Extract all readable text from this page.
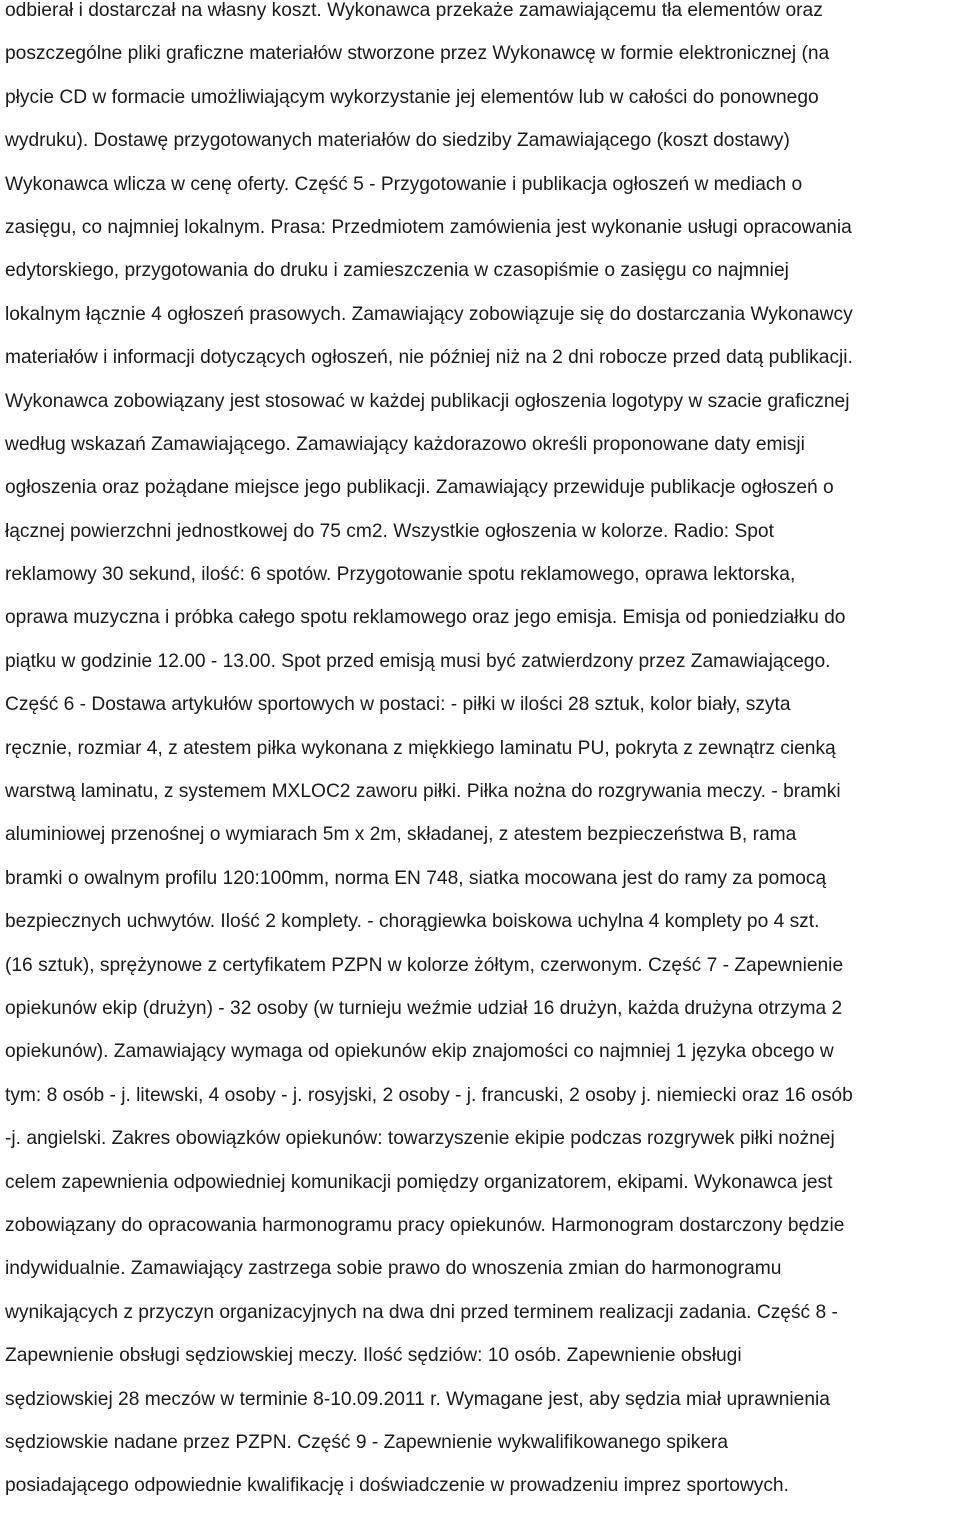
odbierał i dostarczał na własny koszt. Wykonawca przekaże zamawiającemu tła elementów oraz
poszczególne pliki graficzne materiałów stworzone przez Wykonawcę w formie elektronicznej (na
płycie CD w formacie umożliwiającym wykorzystanie jej elementów lub w całości do ponownego
wydruku). Dostawę przygotowanych materiałów do siedziby Zamawiającego (koszt dostawy)
Wykonawca wlicza w cenę oferty. Część 5 - Przygotowanie i publikacja ogłoszeń w mediach o
zasięgu, co najmniej lokalnym. Prasa: Przedmiotem zamówienia jest wykonanie usługi opracowania
edytorskiego, przygotowania do druku i zamieszczenia w czasopiśmie o zasięgu co najmniej
lokalnym łącznie 4 ogłoszeń prasowych. Zamawiający zobowiązuje się do dostarczania Wykonawcy
materiałów i informacji dotyczących ogłoszeń, nie później niż na 2 dni robocze przed datą publikacji.
Wykonawca zobowiązany jest stosować w każdej publikacji ogłoszenia logotypy w szacie graficznej
według wskazań Zamawiającego. Zamawiający każdorazowo określi proponowane daty emisji
ogłoszenia oraz pożądane miejsce jego publikacji. Zamawiający przewiduje publikacje ogłoszeń o
łącznej powierzchni jednostkowej do 75 cm2. Wszystkie ogłoszenia w kolorze. Radio: Spot
reklamowy 30 sekund, ilość: 6 spotów. Przygotowanie spotu reklamowego, oprawa lektorska,
oprawa muzyczna i próbka całego spotu reklamowego oraz jego emisja. Emisja od poniedziałku do
piątku w godzinie 12.00 - 13.00. Spot przed emisją musi być zatwierdzony przez Zamawiającego.
Część 6 - Dostawa artykułów sportowych w postaci: - piłki w ilości 28 sztuk, kolor biały, szyta
ręcznie, rozmiar 4, z atestem piłka wykonana z miękkiego laminatu PU, pokryta z zewnątrz cienką
warstwą laminatu, z systemem MXLOC2 zaworu piłki. Piłka nożna do rozgrywania meczy. - bramki
aluminiowej przenośnej o wymiarach 5m x 2m, składanej, z atestem bezpieczeństwa B, rama
bramki o owalnym profilu 120:100mm, norma EN 748, siatka mocowana jest do ramy za pomocą
bezpiecznych uchwytów. Ilość 2 komplety. - chorągiewka boiskowa uchylna 4 komplety po 4 szt.
(16 sztuk), sprężynowe z certyfikatem PZPN w kolorze żółtym, czerwonym. Część 7 - Zapewnienie
opiekunów ekip (drużyn) - 32 osoby (w turnieju weźmie udział 16 drużyn, każda drużyna otrzyma 2
opiekunów). Zamawiający wymaga od opiekunów ekip znajomości co najmniej 1 języka obcego w
tym: 8 osób - j. litewski, 4 osoby - j. rosyjski, 2 osoby - j. francuski, 2 osoby j. niemiecki oraz 16 osób
-j. angielski. Zakres obowiązków opiekunów: towarzyszenie ekipie podczas rozgrywek piłki nożnej
celem zapewnienia odpowiedniej komunikacji pomiędzy organizatorem, ekipami. Wykonawca jest
zobowiązany do opracowania harmonogramu pracy opiekunów. Harmonogram dostarczony będzie
indywidualnie. Zamawiający zastrzega sobie prawo do wnoszenia zmian do harmonogramu
wynikających z przyczyn organizacyjnych na dwa dni przed terminem realizacji zadania. Część 8 -
Zapewnienie obsługi sędziowskiej meczy. Ilość sędziów: 10 osób. Zapewnienie obsługi
sędziowskiej 28 meczów w terminie 8-10.09.2011 r. Wymagane jest, aby sędzia miał uprawnienia
sędziowskie nadane przez PZPN. Część 9 - Zapewnienie wykwalifikowanego spikera
posiadającego odpowiednie kwalifikację i doświadczenie w prowadzeniu imprez sportowych.
